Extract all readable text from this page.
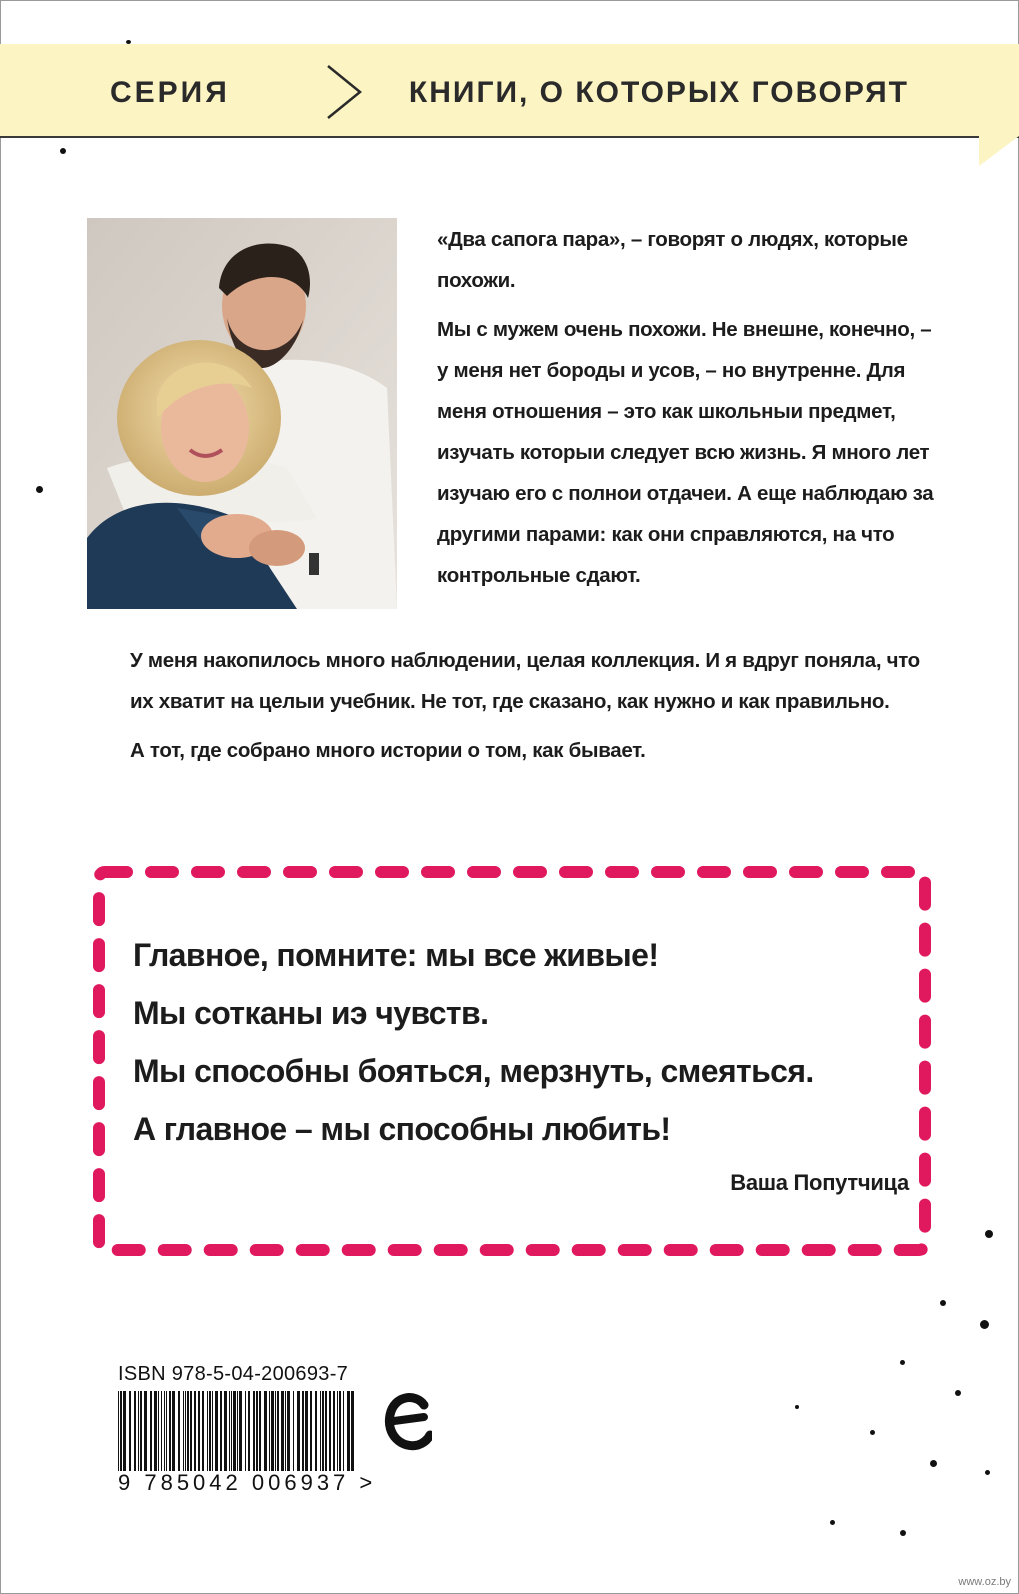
СЕРИЯ	КНИГИ, О КОТОРЫХ ГОВОРЯТ

«Два сапога пара», – говорят о людях, которые похожи.

Мы с мужем очень похожи. Не внешне, конечно, – у меня нет бороды и усов, – но внутренне. Для меня отношения – это как школьныи предмет, изучать которыи следует всю жизнь. Я много лет изучаю его с полнои отдачеи. А еще наблюдаю за другими парами: как они справляются, на что контрольные сдают.

У меня накопилось много наблюдении, целая коллекция. И я вдруг поняла, что их хватит на целыи учебник. Не тот, где сказано, как нужно и как правильно.

А тот, где собрано много истории о том, как бывает.

Главное, помните: мы все живые!

Мы сотканы иэ чувств.

Мы способны бояться, мерзнуть, смеяться.

А главное – мы способны любить!

Ваша Попутчица
ISBN 978-5-04-200693-7
9 785042 006937 >
www.oz.by
